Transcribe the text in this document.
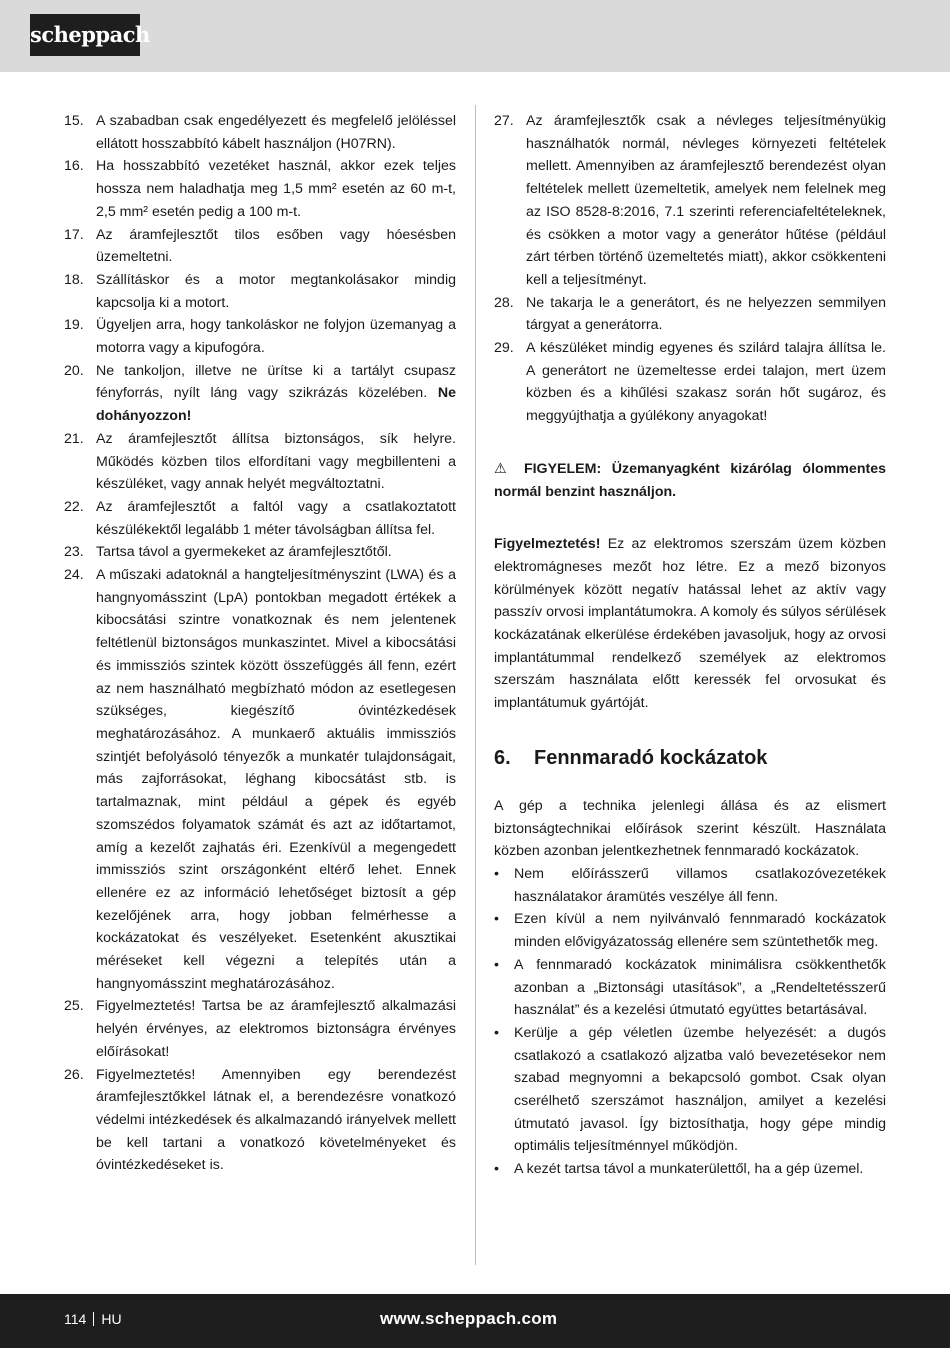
scheppach
15. A szabadban csak engedélyezett és megfelelő jelöléssel ellátott hosszabbító kábelt használjon (H07RN).
16. Ha hosszabbító vezetéket használ, akkor ezek teljes hossza nem haladhatja meg 1,5 mm² esetén az 60 m-t, 2,5 mm² esetén pedig a 100 m-t.
17. Az áramfejlesztőt tilos esőben vagy hóesésben üzemeltetni.
18. Szállításkor és a motor megtankolásakor mindig kapcsolja ki a motort.
19. Ügyeljen arra, hogy tankoláskor ne folyjon üzemanyag a motorra vagy a kipufogóra.
20. Ne tankoljon, illetve ne ürítse ki a tartályt csupasz fényforrás, nyílt láng vagy szikrázás közelében. Ne dohányozzon!
21. Az áramfejlesztőt állítsa biztonságos, sík helyre. Működés közben tilos elfordítani vagy megbillenteni a készüléket, vagy annak helyét megváltoztatni.
22. Az áramfejlesztőt a faltól vagy a csatlakoztatott készülékektől legalább 1 méter távolságban állítsa fel.
23. Tartsa távol a gyermekeket az áramfejlesztőtől.
24. A műszaki adatoknál a hangteljesítményszint (LWA) és a hangnyomásszint (LpA) pontokban megadott értékek a kibocsátási szintre vonatkoznak és nem jelentenek feltétlenül biztonságos munkaszintet. Mivel a kibocsátási és immissziós szintek között összefüggés áll fenn, ezért az nem használható megbízható módon az esetlegesen szükséges, kiegészítő óvintézkedések meghatározásához. A munkaerő aktuális immissziós szintjét befolyásoló tényezők a munkatér tulajdonságait, más zajforrásokat, léghang kibocsátást stb. is tartalmaznak, mint például a gépek és egyéb szomszédos folyamatok számát és azt az időtartamot, amíg a kezelőt zajhatás éri. Ezenkívül a megengedett immissziós szint országonként eltérő lehet. Ennek ellenére ez az információ lehetőséget biztosít a gép kezelőjének arra, hogy jobban felmérhesse a kockázatokat és veszélyeket. Esetenként akusztikai méréseket kell végezni a telepítés után a hangnyomásszint meghatározásához.
25. Figyelmeztetés! Tartsa be az áramfejlesztő alkalmazási helyén érvényes, az elektromos biztonságra érvényes előírásokat!
26. Figyelmeztetés! Amennyiben egy berendezést áramfejlesztőkkel látnak el, a berendezésre vonatkozó védelmi intézkedések és alkalmazandó irányelvek mellett be kell tartani a vonatkozó követelményeket és óvintézkedéseket is.
27. Az áramfejlesztők csak a névleges teljesítményükig használhatók normál, névleges környezeti feltételek mellett. Amennyiben az áramfejlesztő berendezést olyan feltételek mellett üzemeltetik, amelyek nem felelnek meg az ISO 8528-8:2016, 7.1 szerinti referenciafeltételeknek, és csökken a motor vagy a generátor hűtése (például zárt térben történő üzemeltetés miatt), akkor csökkenteni kell a teljesítményt.
28. Ne takarja le a generátort, és ne helyezzen semmilyen tárgyat a generátorra.
29. A készüléket mindig egyenes és szilárd talajra állítsa le. A generátort ne üzemeltesse erdei talajon, mert üzem közben és a kihűlési szakasz során hőt sugároz, és meggyújthatja a gyúlékony anyagokat!
⚠ FIGYELEM: Üzemanyagként kizárólag ólommentes normál benzint használjon.
Figyelmeztetés! Ez az elektromos szerszám üzem közben elektromágneses mezőt hoz létre. Ez a mező bizonyos körülmények között negatív hatással lehet az aktív vagy passzív orvosi implantátumokra. A komoly és súlyos sérülések kockázatának elkerülése érdekében javasoljuk, hogy az orvosi implantátummal rendelkező személyek az elektromos szerszám használata előtt keressék fel orvosukat és implantátumuk gyártóját.
6. Fennmaradó kockázatok
A gép a technika jelenlegi állása és az elismert biztonságtechnikai előírások szerint készült. Használata közben azonban jelentkezhetnek fennmaradó kockázatok.
• Nem előírásszerű villamos csatlakozóvezetékek használatakor áramütés veszélye áll fenn.
• Ezen kívül a nem nyilvánvaló fennmaradó kockázatok minden elővigyázatosság ellenére sem szüntethetők meg.
• A fennmaradó kockázatok minimálisra csökkenthetők azonban a „Biztonsági utasítások”, a „Rendeltetésszerű használat” és a kezelési útmutató együttes betartásával.
• Kerülje a gép véletlen üzembe helyezését: a dugós csatlakozó a csatlakozó aljzatba való bevezetésekor nem szabad megnyomni a bekapcsoló gombot. Csak olyan cserélhető szerszámot használjon, amilyet a kezelési útmutató javasol. Így biztosíthatja, hogy gépe mindig optimális teljesítménnyel működjön.
• A kezét tartsa távol a munkaterülettől, ha a gép üzemel.
114 HU	www.scheppach.com
